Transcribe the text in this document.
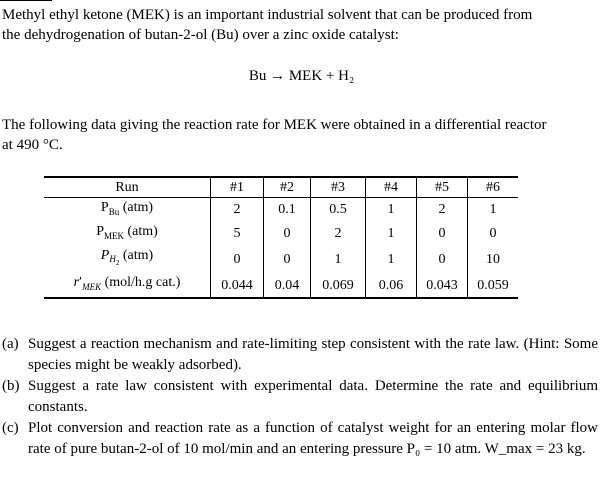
Methyl ethyl ketone (MEK) is an important industrial solvent that can be produced from
the dehydrogenation of butan-2-ol (Bu) over a zinc oxide catalyst:
Bu → MEK + H₂
The following data giving the reaction rate for MEK were obtained in a differential reactor
at 490 °C.
Run	#1	#2	#3	#4	#5	#6
$P_{Bu}$ (atm)	2	0.1	0.5	1	2	1
$P_{MEK}$ (atm)	5	0	2	1	0	0
$P_{H_2}$ (atm)	0	0	1	1	0	10
$r'_{MEK}$ (mol/h.g cat.)	0.044	0.04	0.069	0.06	0.043	0.059
(a) Suggest a reaction mechanism and rate-limiting step consistent with the rate law. (Hint: Some species might be weakly adsorbed).
(b) Suggest a rate law consistent with experimental data. Determine the rate and equilibrium constants.
(c) Plot conversion and reaction rate as a function of catalyst weight for an entering molar flow rate of pure butan-2-ol of 10 mol/min and an entering pressure P₀ = 10 atm. W_max = 23 kg.
